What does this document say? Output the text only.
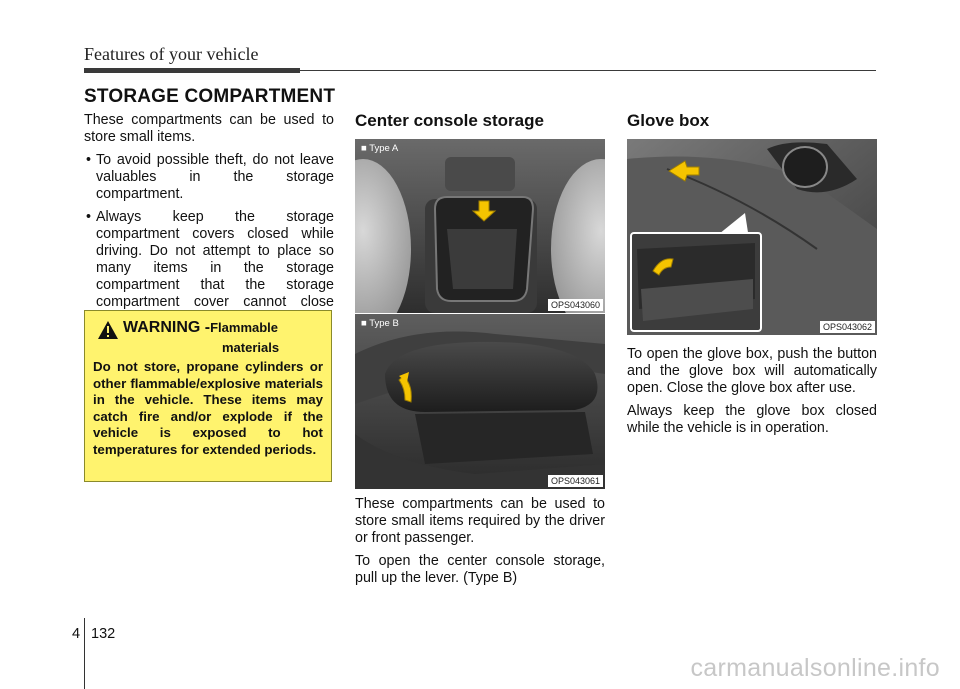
Features of your vehicle
STORAGE COMPARTMENT

These compartments can be used to store small items.

• To avoid possible theft, do not leave valuables in the storage compartment.
• Always keep the storage compartment covers closed while driving. Do not attempt to place so many items in the storage compartment that the storage compartment cover cannot close
WARNING - Flammable
materials
Do not store, propane cylinders or other flammable/explosive materials in the vehicle. These items may catch fire and/or explode if the vehicle is exposed to hot temperatures for extended periods.
Center console storage
■ Type A
OPS043060
■ Type B
OPS043061

These compartments can be used to store small items required by the driver or front passenger.

To open the center console storage, pull up the lever. (Type B)

Glove box
OPS043062

To open the glove box, push the button and the glove box will automatically open. Close the glove box after use.

Always keep the glove box closed while the vehicle is in operation.

4 132
carmanualsonline.info
